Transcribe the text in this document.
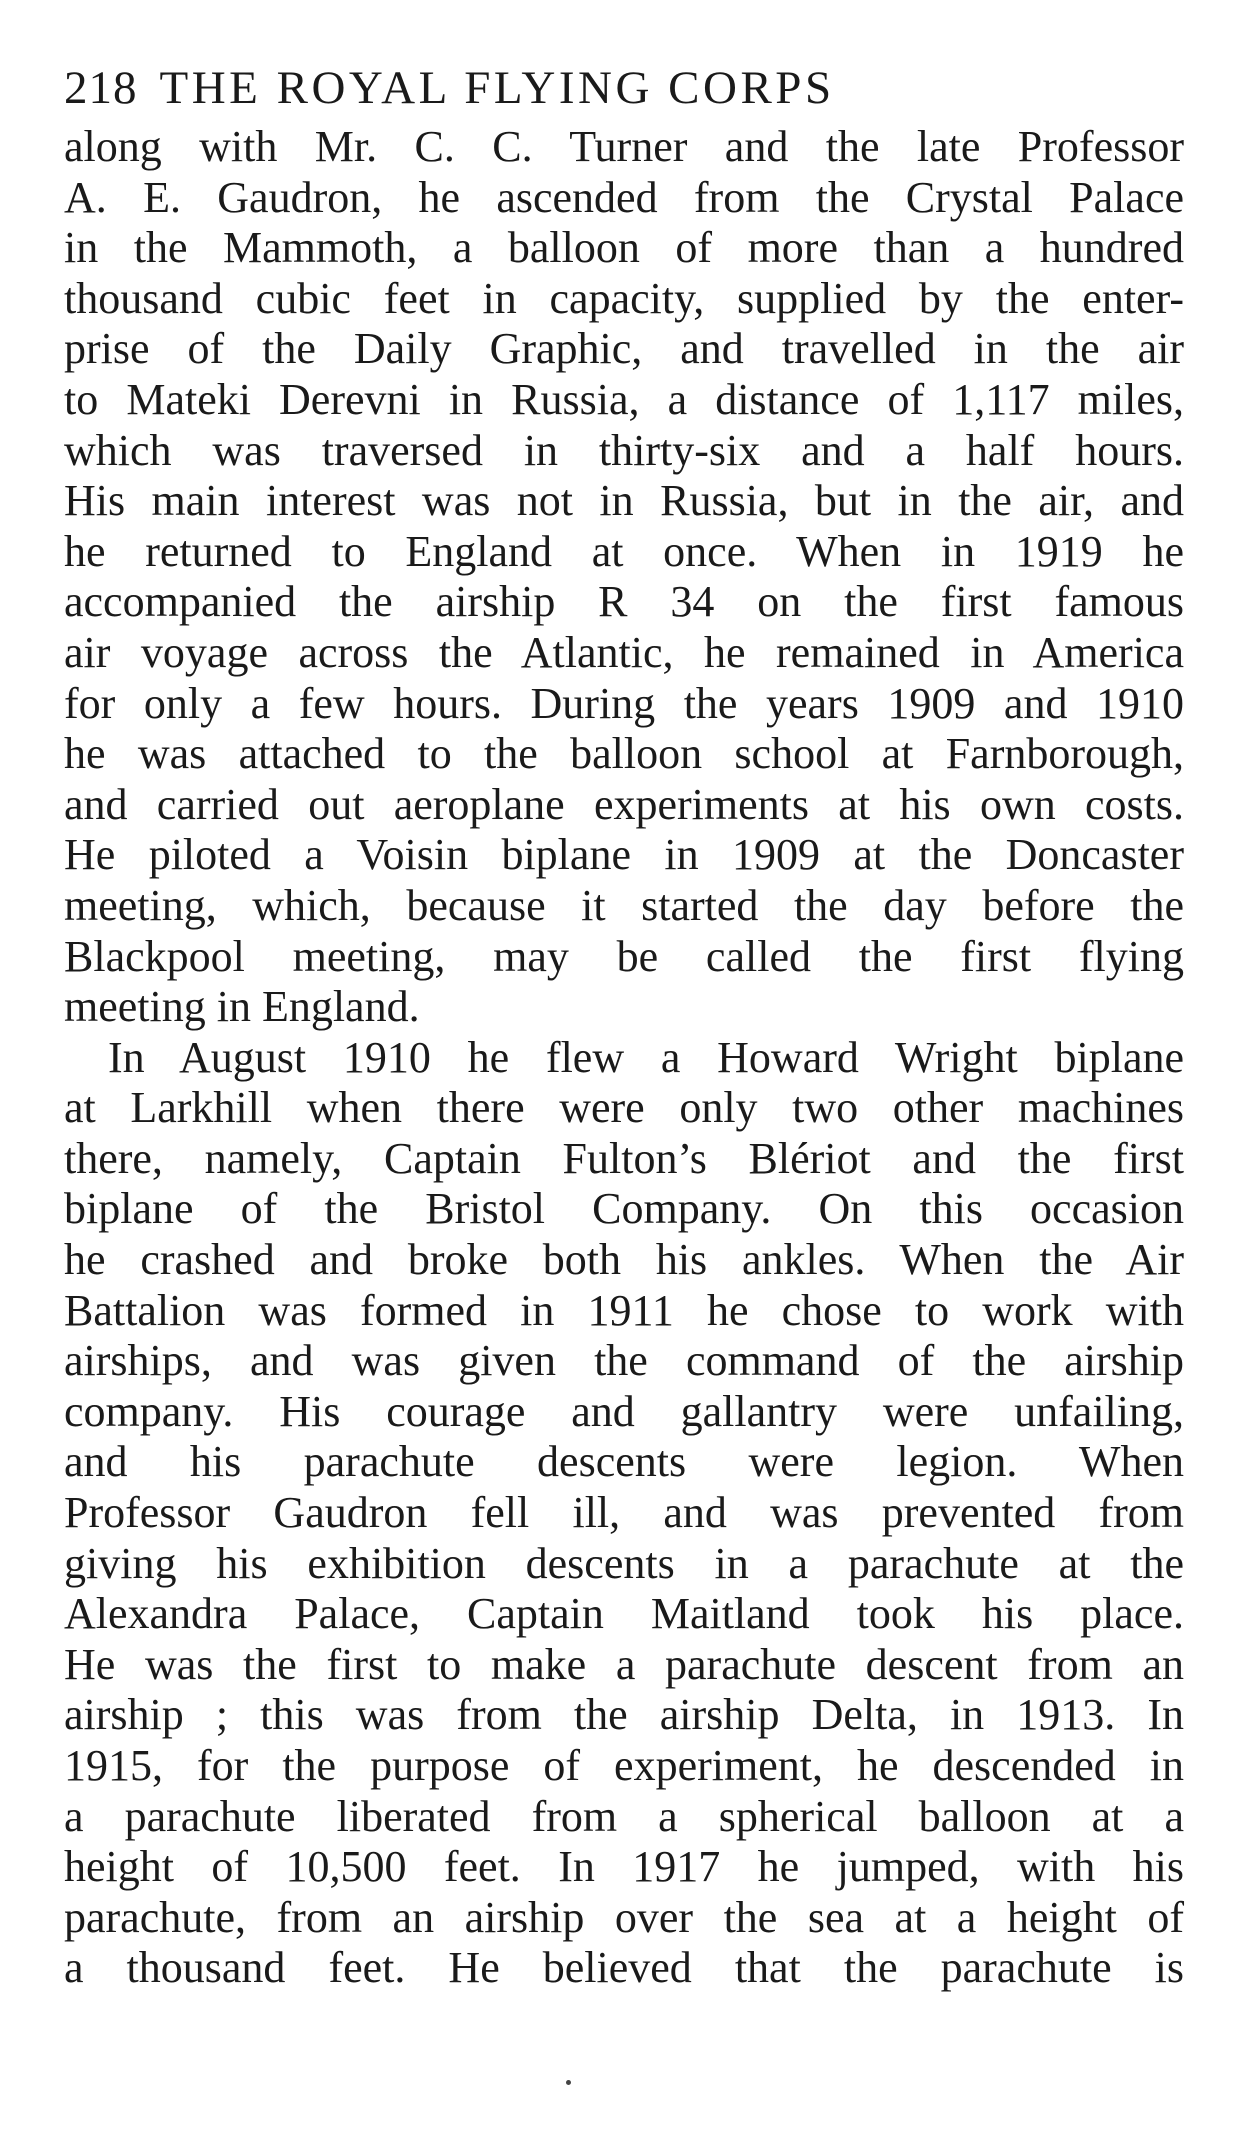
218 THE ROYAL FLYING CORPS
along with Mr. C. C. Turner and the late Professor
A. E. Gaudron, he ascended from the Crystal Palace
in the Mammoth, a balloon of more than a hundred
thousand cubic feet in capacity, supplied by the enter-
prise of the Daily Graphic, and travelled in the air
to Mateki Derevni in Russia, a distance of 1,117 miles,
which was traversed in thirty-six and a half hours.
His main interest was not in Russia, but in the air, and
he returned to England at once. When in 1919 he
accompanied the airship R 34 on the first famous
air voyage across the Atlantic, he remained in America
for only a few hours. During the years 1909 and 1910
he was attached to the balloon school at Farnborough,
and carried out aeroplane experiments at his own costs.
He piloted a Voisin biplane in 1909 at the Doncaster
meeting, which, because it started the day before the
Blackpool meeting, may be called the first flying
meeting in England.
In August 1910 he flew a Howard Wright biplane
at Larkhill when there were only two other machines
there, namely, Captain Fulton’s Blériot and the first
biplane of the Bristol Company. On this occasion
he crashed and broke both his ankles. When the Air
Battalion was formed in 1911 he chose to work with
airships, and was given the command of the airship
company. His courage and gallantry were unfailing,
and his parachute descents were legion. When
Professor Gaudron fell ill, and was prevented from
giving his exhibition descents in a parachute at the
Alexandra Palace, Captain Maitland took his place.
He was the first to make a parachute descent from an
airship ; this was from the airship Delta, in 1913. In
1915, for the purpose of experiment, he descended in
a parachute liberated from a spherical balloon at a
height of 10,500 feet. In 1917 he jumped, with his
parachute, from an airship over the sea at a height of
a thousand feet. He believed that the parachute is
